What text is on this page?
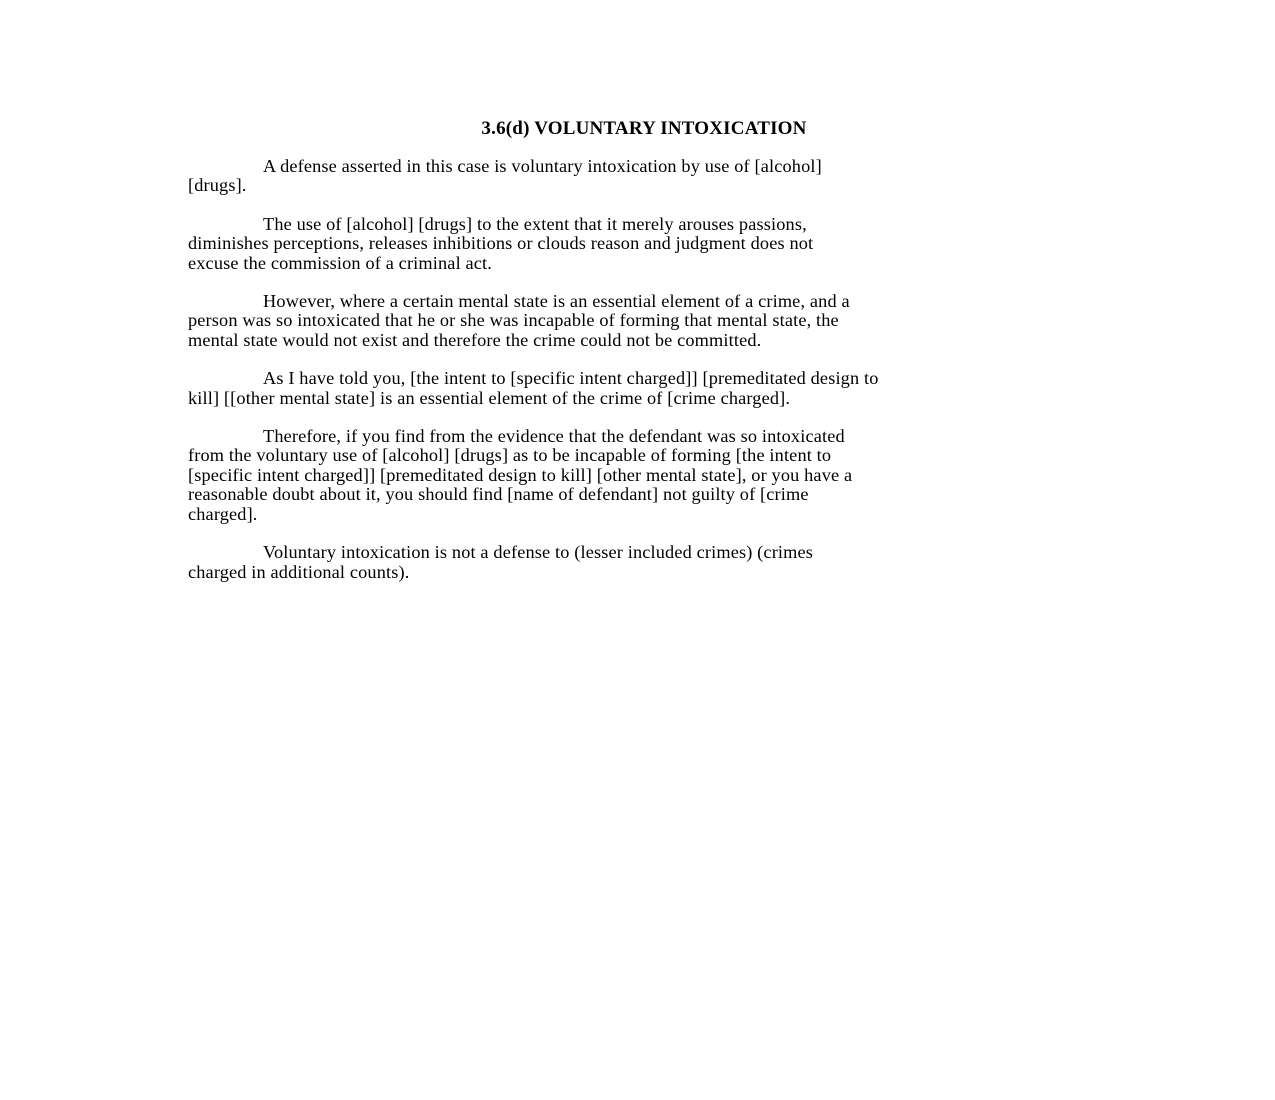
3.6(d) VOLUNTARY INTOXICATION
A defense asserted in this case is voluntary intoxication by use of [alcohol]
[drugs].
The use of [alcohol] [drugs] to the extent that it merely arouses passions,
diminishes perceptions, releases inhibitions or clouds reason and judgment does not
excuse the commission of a criminal act.
However, where a certain mental state is an essential element of a crime, and a
person was so intoxicated that he or she was incapable of forming that mental state, the
mental state would not exist and therefore the crime could not be committed.
As I have told you, [the intent to [specific intent charged]] [premeditated design to
kill] [[other mental state] is an essential element of the crime of [crime charged].
Therefore, if you find from the evidence that the defendant was so intoxicated
from the voluntary use of [alcohol] [drugs] as to be incapable of forming [the intent to
[specific intent charged]] [premeditated design to kill] [other mental state], or you have a
reasonable doubt about it, you should find [name of defendant] not guilty of [crime
charged].
Voluntary intoxication is not a defense to (lesser included crimes) (crimes
charged in additional counts).
